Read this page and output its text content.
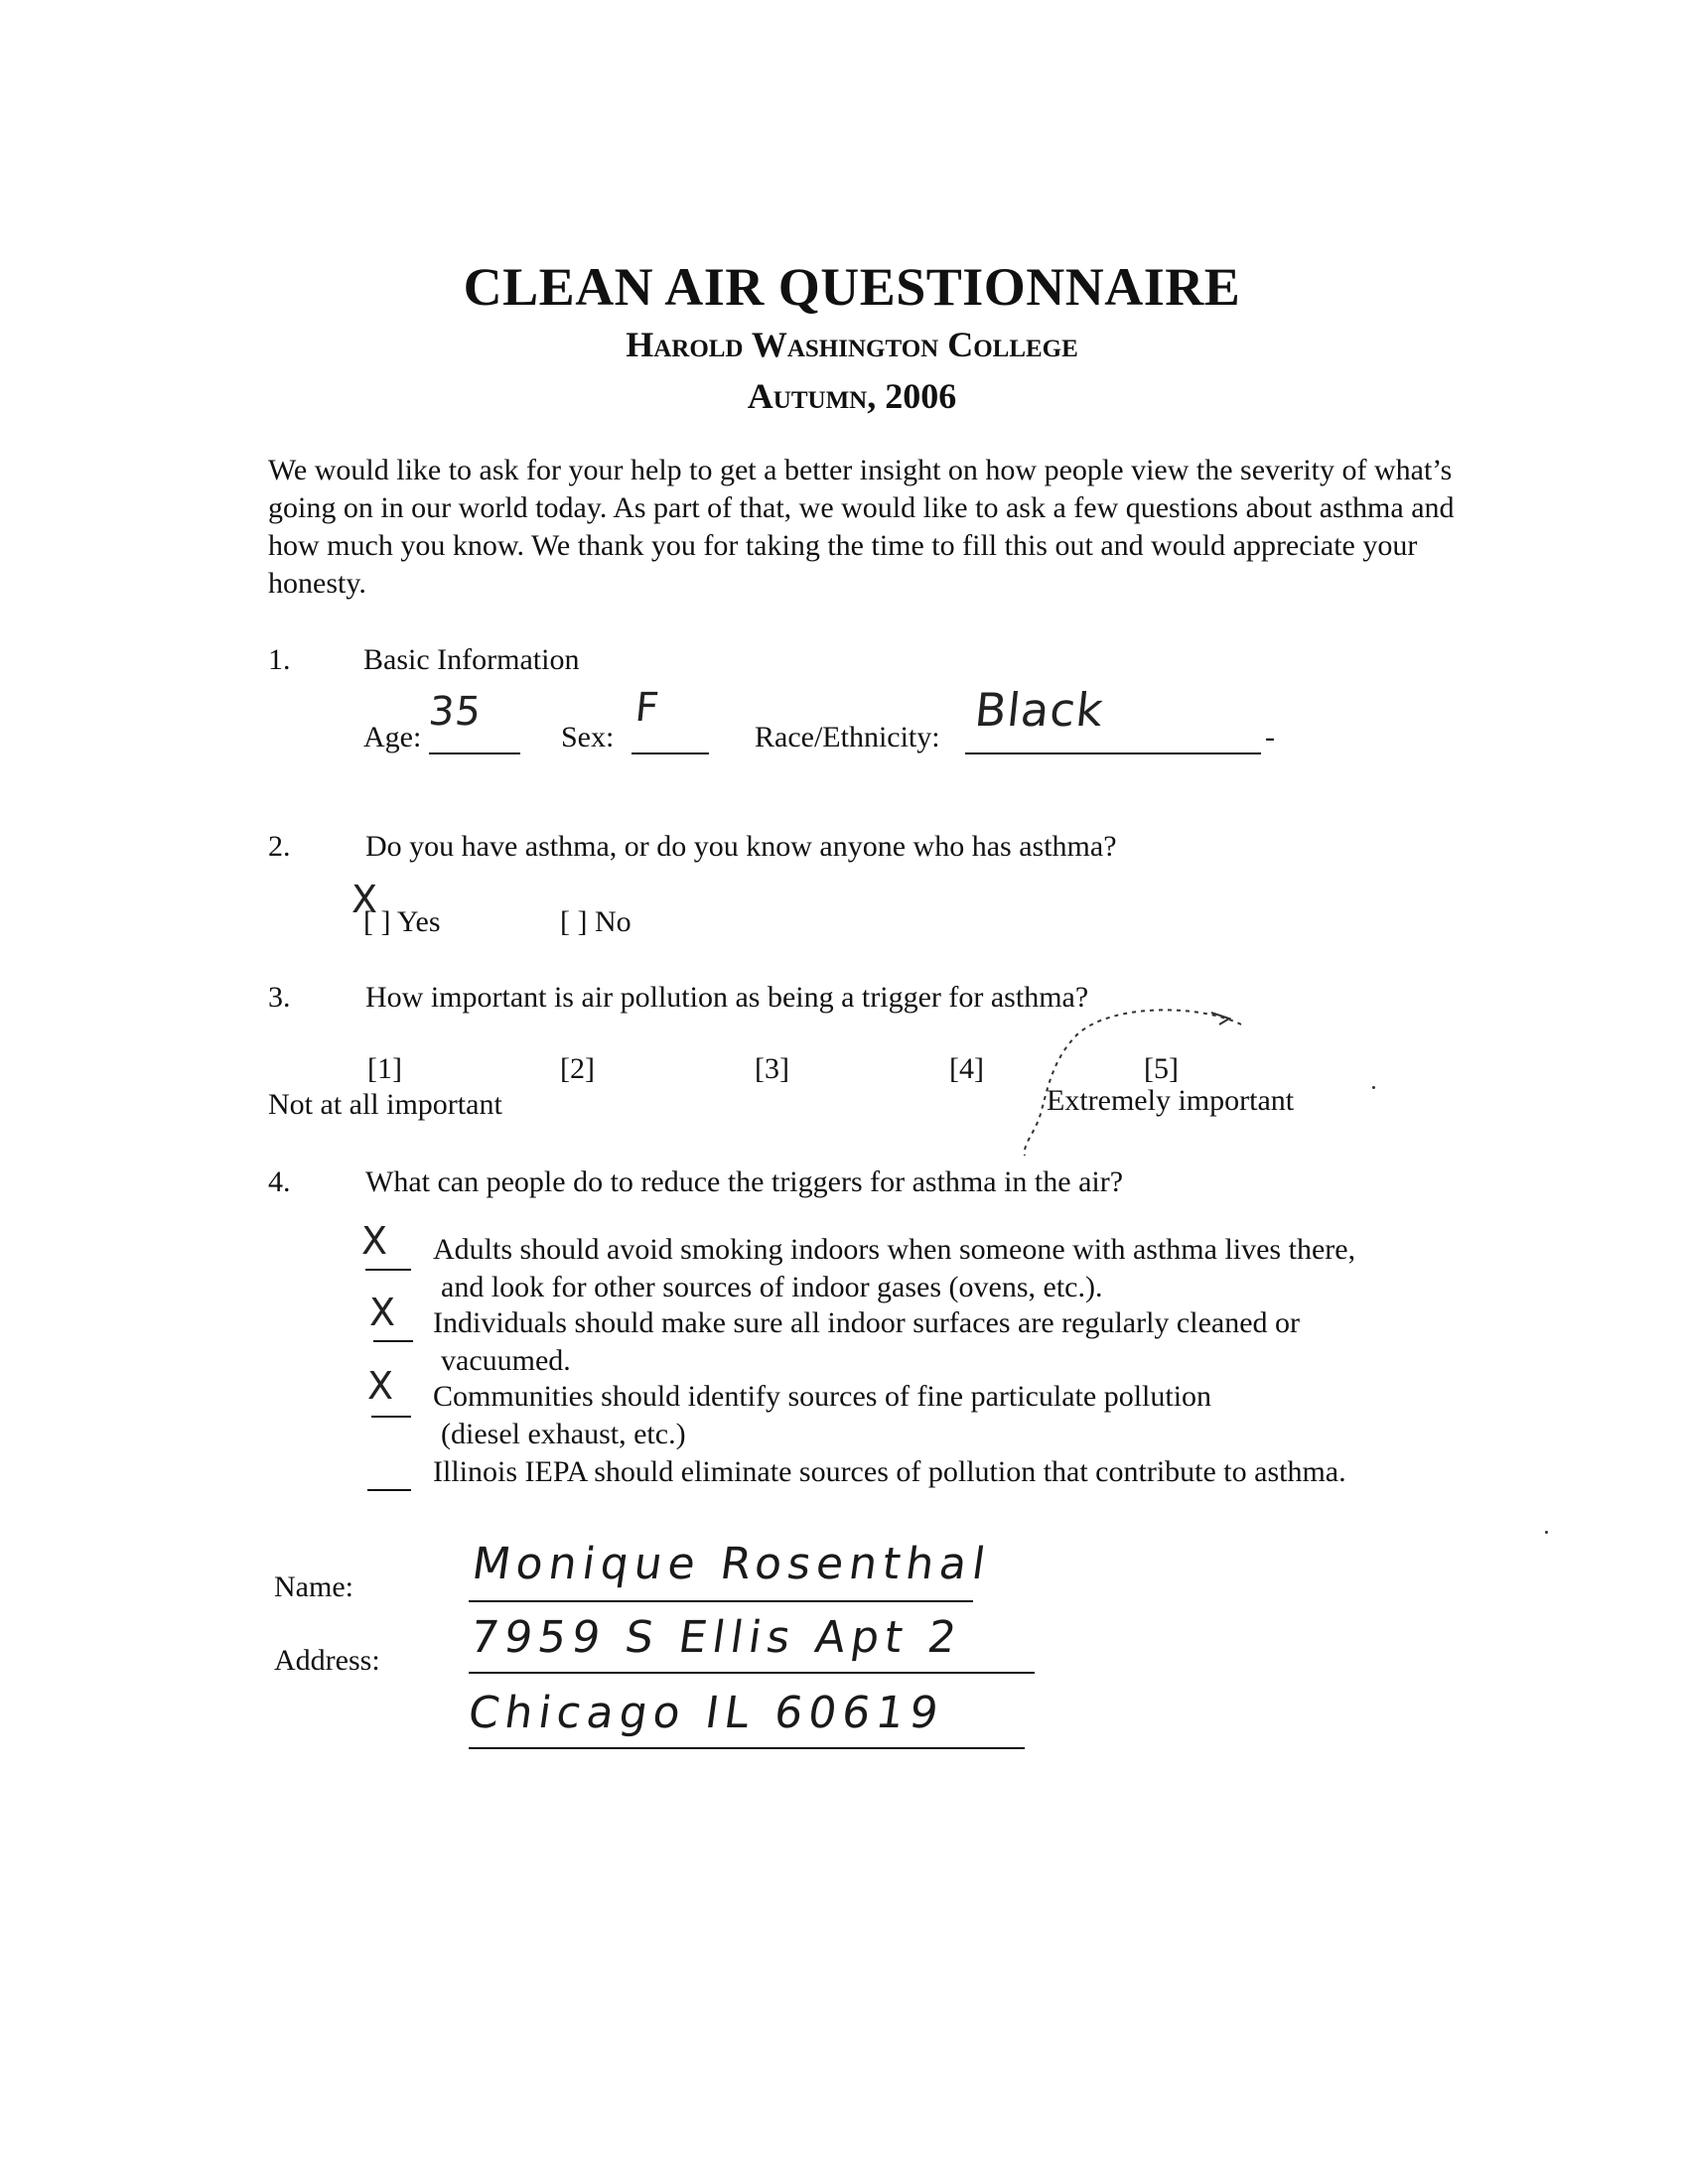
CLEAN AIR QUESTIONNAIRE
Harold Washington College
Autumn, 2006
We would like to ask for your help to get a better insight on how people view the severity of what’s going on in our world today. As part of that, we would like to ask a few questions about asthma and how much you know. We thank you for taking the time to fill this out and would appreciate your honesty.
1. Basic Information
Age:
35
Sex:
F
Race/Ethnicity:
Black
-
2.	Do you have asthma, or do you know anyone who has asthma?
X
[ ] Yes	[ ] No
3.	How important is air pollution as being a trigger for asthma?
[1]	[2]	[3]	[4]	[5]
Not at all important	Extremely important
4.	What can people do to reduce the triggers for asthma in the air?
X Adults should avoid smoking indoors when someone with asthma lives there,
and look for other sources of indoor gases (ovens, etc.).
X Individuals should make sure all indoor surfaces are regularly cleaned or
vacuumed.
X Communities should identify sources of fine particulate pollution
(diesel exhaust, etc.)
Illinois IEPA should eliminate sources of pollution that contribute to asthma.
Name:	Monique Rosenthal
Address: 7959 S Ellis Apt 2
Chicago IL 60619
